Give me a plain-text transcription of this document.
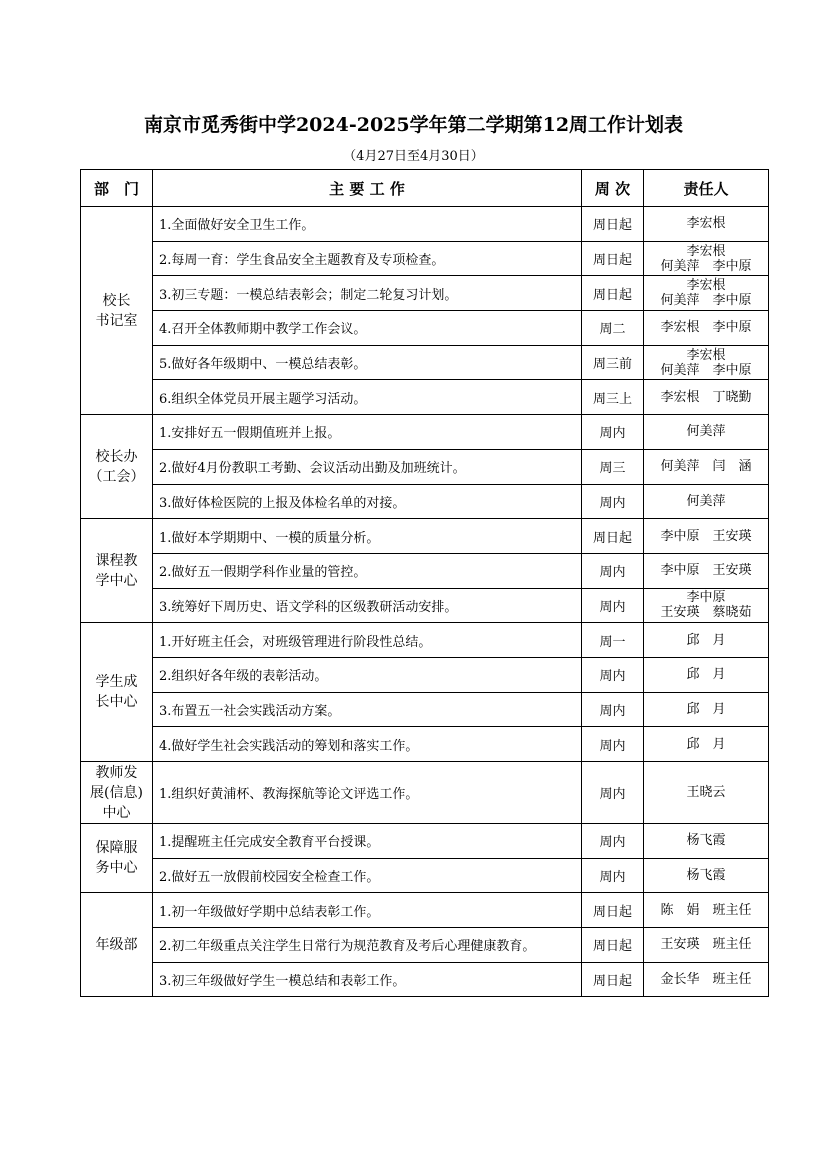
南京市觅秀街中学2024-2025学年第二学期第12周工作计划表
（4月27日至4月30日）
部　门	主 要 工 作	周 次	责任人

校长
书记室	1.全面做好安全卫生工作。	周日起	李宏根

	2.每周一育：学生食品安全主题教育及专项检查。	周日起	李宏根
何美萍　李中原

	3.初三专题：一模总结表彰会；制定二轮复习计划。	周日起	李宏根
何美萍　李中原

	4.召开全体教师期中教学工作会议。	周二	李宏根　李中原

	5.做好各年级期中、一模总结表彰。	周三前	李宏根
何美萍　李中原

	6.组织全体党员开展主题学习活动。	周三上	李宏根　丁晓勤

校长办
（工会）	1.安排好五一假期值班并上报。	周内	何美萍

	2.做好4月份教职工考勤、会议活动出勤及加班统计。	周三	何美萍　闫　涵

	3.做好体检医院的上报及体检名单的对接。	周内	何美萍

课程教
学中心	1.做好本学期期中、一模的质量分析。	周日起	李中原　王安瑛

	2.做好五一假期学科作业量的管控。	周内	李中原　王安瑛

	3.统筹好下周历史、语文学科的区级教研活动安排。	周内	李中原
王安瑛　蔡晓茹

学生成
长中心	1.开好班主任会，对班级管理进行阶段性总结。	周一	邱　月

	2.组织好各年级的表彰活动。	周内	邱　月

	3.布置五一社会实践活动方案。	周内	邱　月

	4.做好学生社会实践活动的筹划和落实工作。	周内	邱　月

教师发
展(信息)
中心	1.组织好黄浦杯、教海探航等论文评选工作。	周内	王晓云

保障服
务中心	1.提醒班主任完成安全教育平台授课。	周内	杨飞霞

	2.做好五一放假前校园安全检查工作。	周内	杨飞霞

年级部	1.初一年级做好学期中总结表彰工作。	周日起	陈　娟　班主任

	2.初二年级重点关注学生日常行为规范教育及考后心理健康教育。	周日起	王安瑛　班主任

	3.初三年级做好学生一模总结和表彰工作。	周日起	金长华　班主任
